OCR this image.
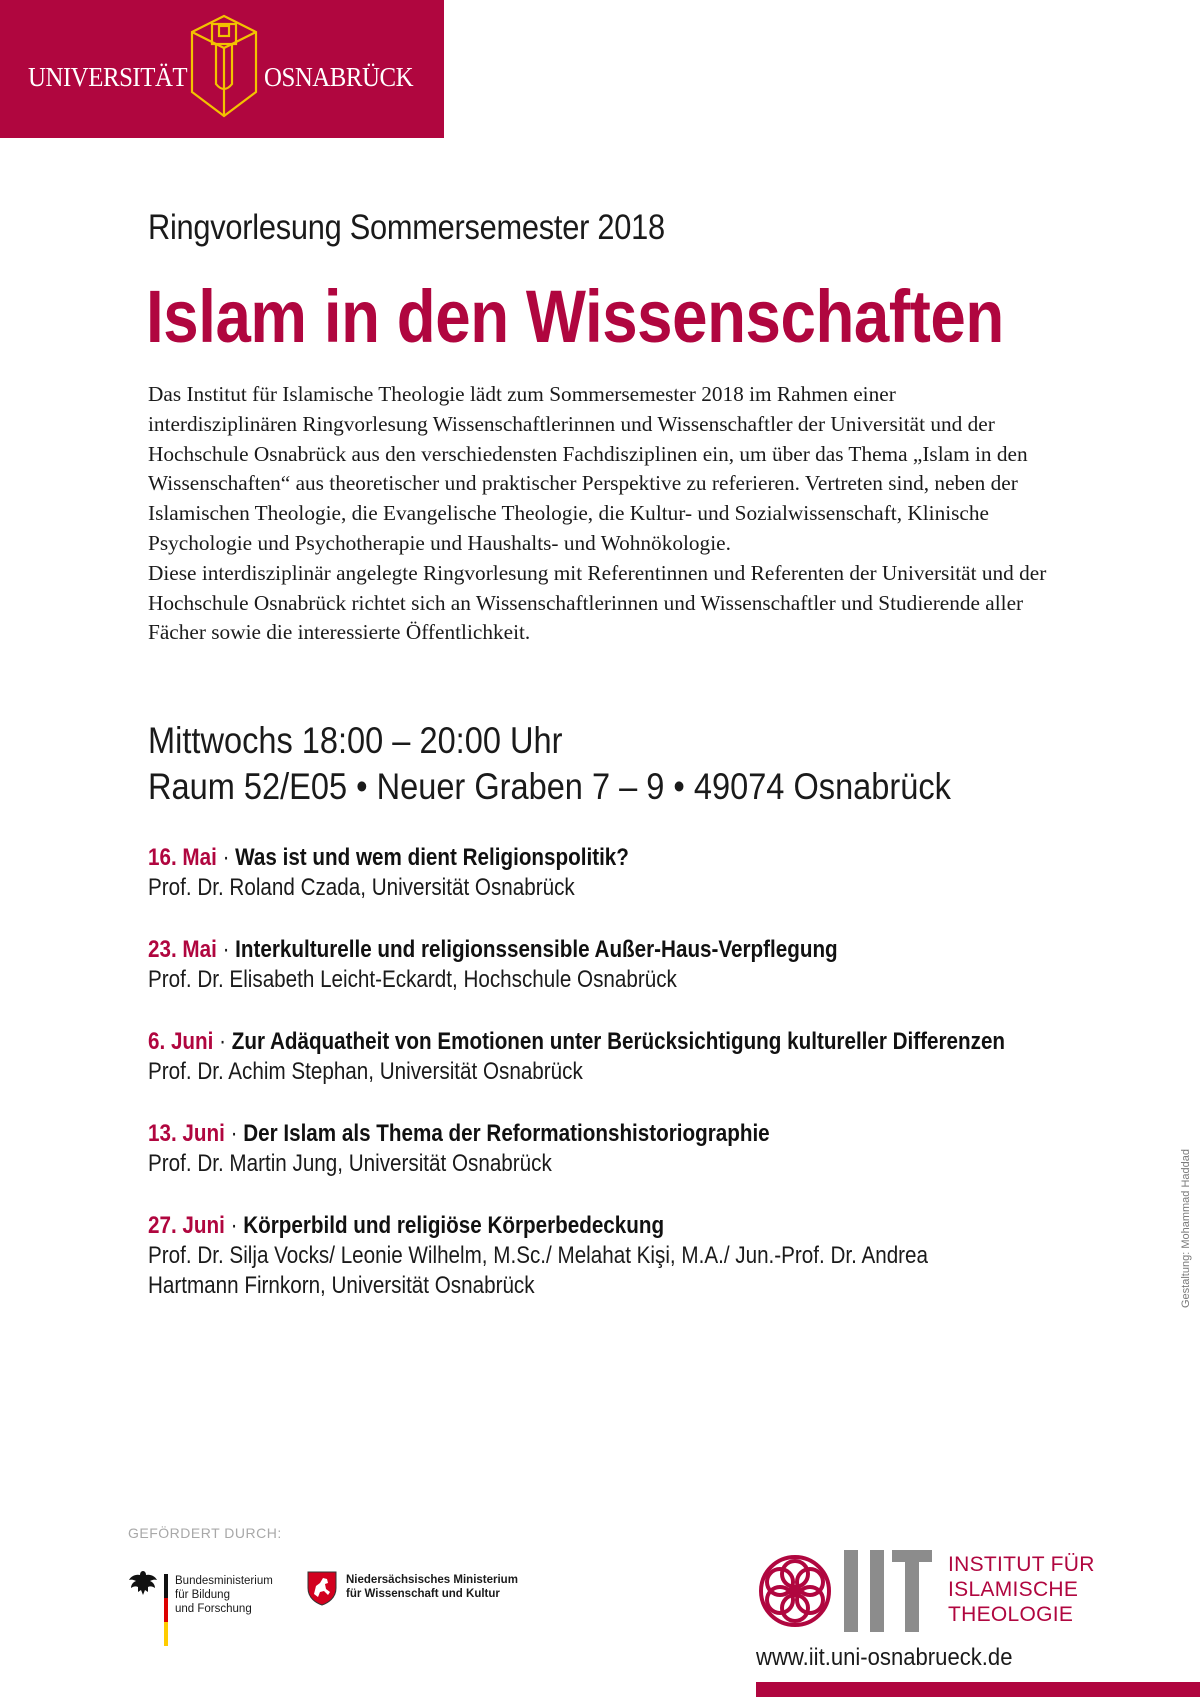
UNIVERSITÄT	OSNABRÜCK
Ringvorlesung Sommersemester 2018
Islam in den Wissenschaften

Das Institut für Islamische Theologie lädt zum Sommersemester 2018 im Rahmen einer interdisziplinären Ringvorlesung Wissenschaftlerinnen und Wissenschaftler der Universität und der Hochschule Osnabrück aus den verschiedensten Fachdisziplinen ein, um über das Thema „Islam in den Wissenschaften“ aus theoretischer und praktischer Perspektive zu referieren. Vertreten sind, neben der Islamischen Theologie, die Evangelische Theologie, die Kultur- und Sozialwissenschaft, Klinische Psychologie und Psychotherapie und Haushalts- und Wohnökologie.

Diese interdisziplinär angelegte Ringvorlesung mit Referentinnen und Referenten der Universität und der Hochschule Osnabrück richtet sich an Wissenschaftlerinnen und Wissenschaftler und Studierende aller Fächer sowie die interessierte Öffentlichkeit.

Mittwochs 18:00 – 20:00 Uhr
Raum 52/E05 • Neuer Graben 7 – 9 • 49074 Osnabrück
16. Mai · Was ist und wem dient Religionspolitik?
Prof. Dr. Roland Czada, Universität Osnabrück
23. Mai · Interkulturelle und religionssensible Außer-Haus-Verpflegung
Prof. Dr. Elisabeth Leicht-Eckardt, Hochschule Osnabrück
6. Juni · Zur Adäquatheit von Emotionen unter Berücksichtigung kultureller Differenzen
Prof. Dr. Achim Stephan, Universität Osnabrück
13. Juni · Der Islam als Thema der Reformationshistoriographie
Prof. Dr. Martin Jung, Universität Osnabrück
27. Juni · Körperbild und religiöse Körperbedeckung
Prof. Dr. Silja Vocks/ Leonie Wilhelm, M.Sc./ Melahat Kişi, M.A./ Jun.-Prof. Dr. Andrea
Hartmann Firnkorn, Universität Osnabrück	Gestaltung: Mohammad Haddad
GEFÖRDERT DURCH:
Bundesministerium
für Bildung
und Forschung
Niedersächsisches Ministerium
für Wissenschaft und Kultur
INSTITUT FÜR
ISLAMISCHE
THEOLOGIE
www.iit.uni-osnabrueck.de
